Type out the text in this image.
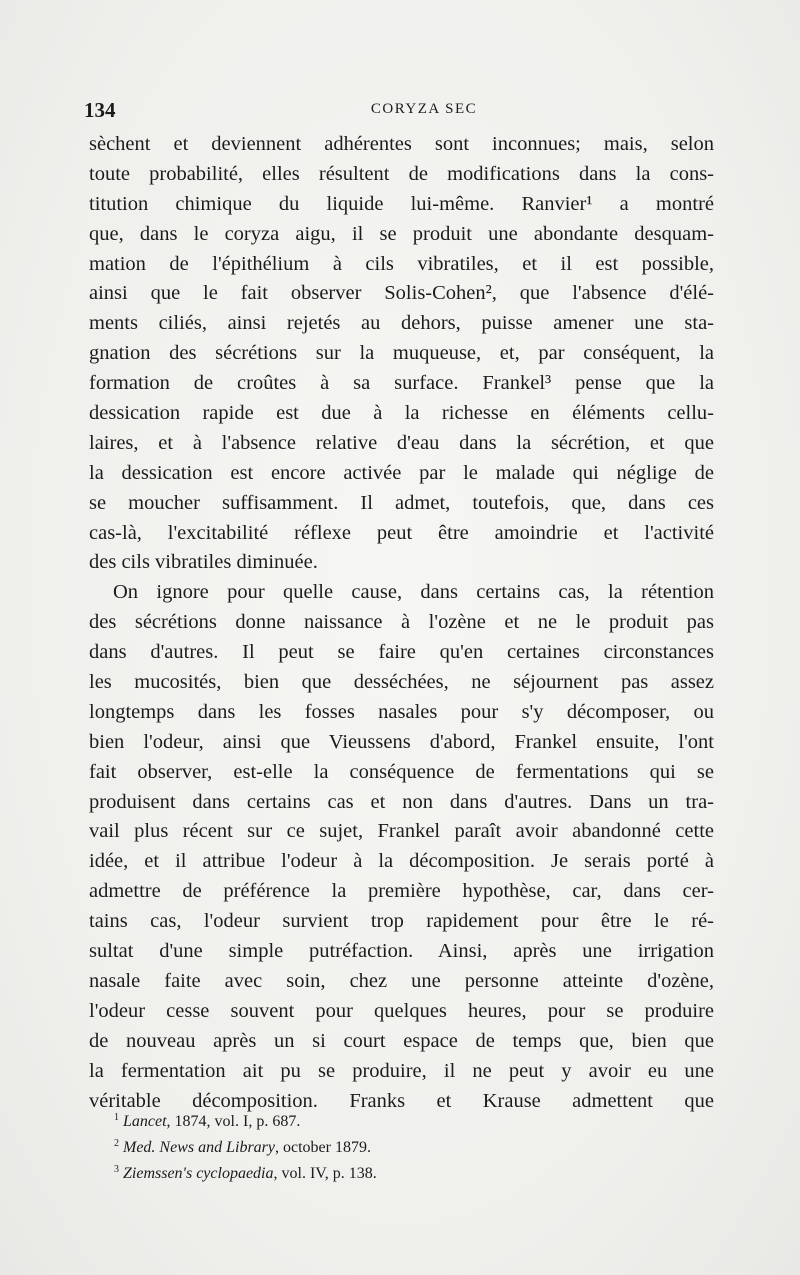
134	CORYZA SEC
sèchent et deviennent adhérentes sont inconnues; mais, selon
toute probabilité, elles résultent de modifications dans la cons-
titution chimique du liquide lui-même. Ranvier¹ a montré
que, dans le coryza aigu, il se produit une abondante desquam-
mation de l'épithélium à cils vibratiles, et il est possible,
ainsi que le fait observer Solis-Cohen², que l'absence d'élé-
ments ciliés, ainsi rejetés au dehors, puisse amener une sta-
gnation des sécrétions sur la muqueuse, et, par conséquent, la
formation de croûtes à sa surface. Frankel³ pense que la
dessication rapide est due à la richesse en éléments cellu-
laires, et à l'absence relative d'eau dans la sécrétion, et que
la dessication est encore activée par le malade qui néglige de
se moucher suffisamment. Il admet, toutefois, que, dans ces
cas-là, l'excitabilité réflexe peut être amoindrie et l'activité
des cils vibratiles diminuée.
On ignore pour quelle cause, dans certains cas, la rétention
des sécrétions donne naissance à l'ozène et ne le produit pas
dans d'autres. Il peut se faire qu'en certaines circonstances
les mucosités, bien que desséchées, ne séjournent pas assez
longtemps dans les fosses nasales pour s'y décomposer, ou
bien l'odeur, ainsi que Vieussens d'abord, Frankel ensuite, l'ont
fait observer, est-elle la conséquence de fermentations qui se
produisent dans certains cas et non dans d'autres. Dans un tra-
vail plus récent sur ce sujet, Frankel paraît avoir abandonné cette
idée, et il attribue l'odeur à la décomposition. Je serais porté à
admettre de préférence la première hypothèse, car, dans cer-
tains cas, l'odeur survient trop rapidement pour être le ré-
sultat d'une simple putréfaction. Ainsi, après une irrigation
nasale faite avec soin, chez une personne atteinte d'ozène,
l'odeur cesse souvent pour quelques heures, pour se produire
de nouveau après un si court espace de temps que, bien que
la fermentation ait pu se produire, il ne peut y avoir eu une
véritable décomposition. Franks et Krause admettent que
$^1$ Lancet, 1874, vol. I, p. 687.
$^2$ Med. News and Library, october 1879.
$^3$ Ziemssen's cyclopaedia, vol. IV, p. 138.
